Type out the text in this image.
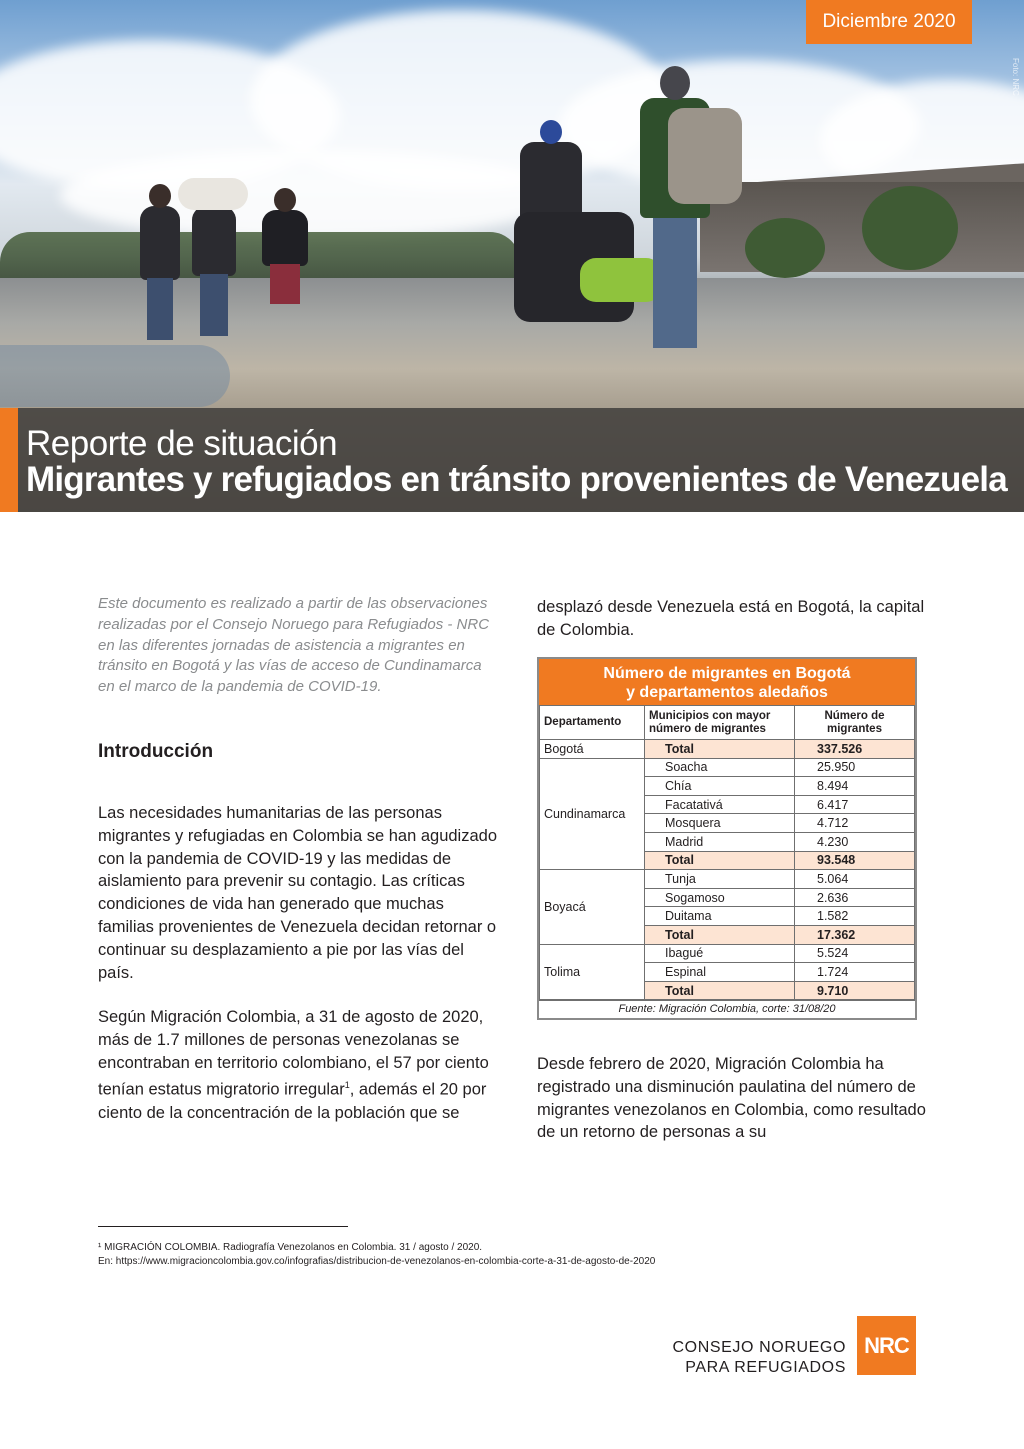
Diciembre 2020
Foto: NRC
Reporte de situación
Migrantes y refugiados en tránsito provenientes de Venezuela

Este documento es realizado a partir de las observaciones realizadas por el Consejo Noruego para Refugiados - NRC en las diferentes jornadas de asistencia a migrantes en tránsito en Bogotá y las vías de acceso de Cundinamarca en el marco de la pandemia de COVID-19.

Introducción

Las necesidades humanitarias de las personas migrantes y refugiadas en Colombia se han agudizado con la pandemia de COVID-19 y las medidas de aislamiento para prevenir su contagio. Las críticas condiciones de vida han generado que muchas familias provenientes de Venezuela decidan retornar o continuar su desplazamiento a pie por las vías del país.

Según Migración Colombia, a 31 de agosto de 2020, más de 1.7 millones de personas venezolanas se encontraban en territorio colombiano, el 57 por ciento tenían estatus migratorio irregular$^1$, además el 20 por ciento de la concentración de la población que se

desplazó desde Venezuela está en Bogotá, la capital de Colombia.

Número de migrantes en Bogotá
y departamentos aledaños
Departamento	Municipios con mayor número de migrantes	Número de migrantes
Bogotá	Total	337.526
Cundinamarca	Soacha	25.950
	Chía	8.494
	Facatativá	6.417
	Mosquera	4.712
	Madrid	4.230
	Total	93.548
Boyacá	Tunja	5.064
	Sogamoso	2.636
	Duitama	1.582
	Total	17.362
Tolima	Ibagué	5.524
	Espinal	1.724
	Total	9.710
Fuente: Migración Colombia, corte: 31/08/20

Desde febrero de 2020, Migración Colombia ha registrado una disminución paulatina del número de migrantes venezolanos en Colombia, como resultado de un retorno de personas a su

¹ MIGRACIÓN COLOMBIA. Radiografía Venezolanos en Colombia. 31 / agosto / 2020.
En: https://www.migracioncolombia.gov.co/infografias/distribucion-de-venezolanos-en-colombia-corte-a-31-de-agosto-de-2020
CONSEJO NORUEGO
PARA REFUGIADOS
NRC
